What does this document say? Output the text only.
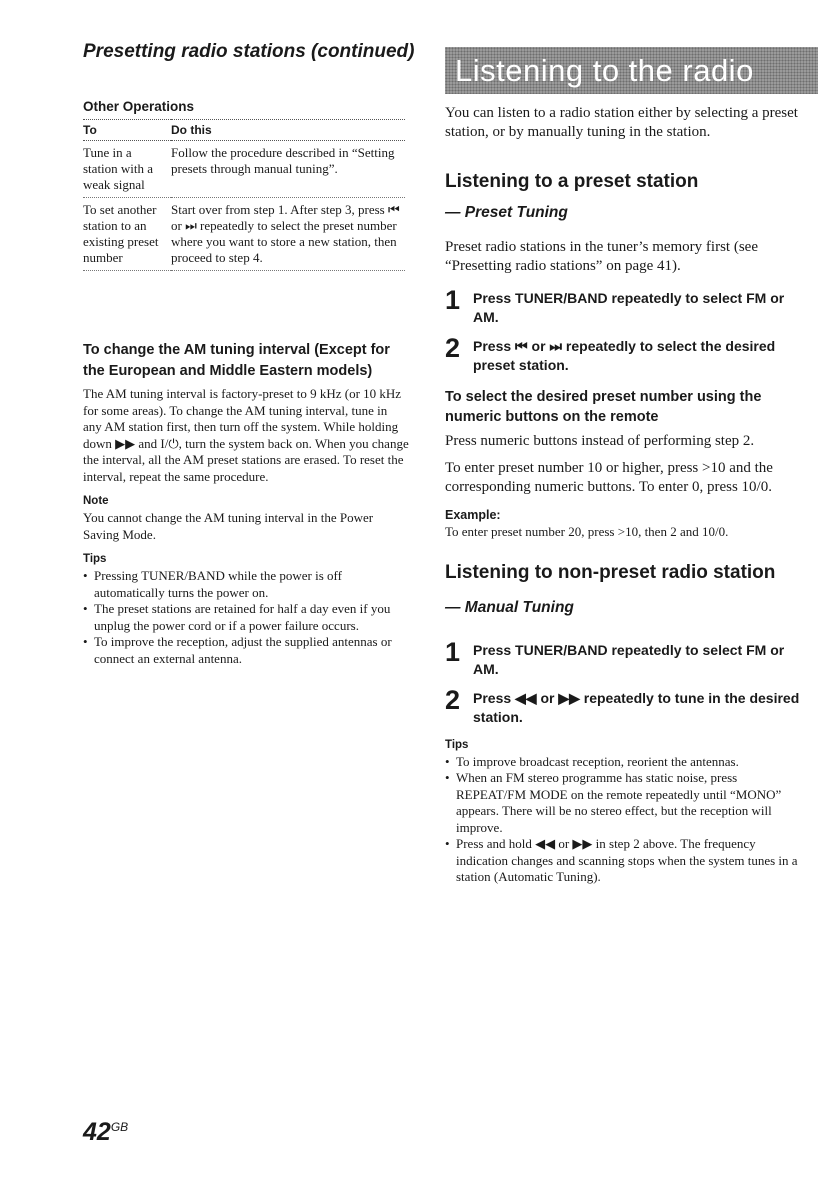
Presetting radio stations (continued)
Other Operations
To	Do this
Tune in a station with a weak signal	Follow the procedure described in “Setting presets through manual tuning”.
To set another station to an existing preset number	Start over from step 1. After step 3, press ⏮ or ⏭ repeatedly to select the preset number where you want to store a new station, then proceed to step 4.
To change the AM tuning interval (Except for the European and Middle Eastern models)

The AM tuning interval is factory-preset to 9 kHz (or 10 kHz for some areas). To change the AM tuning interval, tune in any AM station first, then turn off the system. While holding down ▶▶ and I/⏻, turn the system back on. When you change the interval, all the AM preset stations are erased. To reset the interval, repeat the same procedure.

Note

You cannot change the AM tuning interval in the Power Saving Mode.

Tips
• Pressing TUNER/BAND while the power is off automatically turns the power on.
• The preset stations are retained for half a day even if you unplug the power cord or if a power failure occurs.
• To improve the reception, adjust the supplied antennas or connect an external antenna.
$42^{GB}$
Listening to the radio

You can listen to a radio station either by selecting a preset station, or by manually tuning in the station.

Listening to a preset station
— Preset Tuning

Preset radio stations in the tuner’s memory first (see “Presetting radio stations” on page 41).

1 Press TUNER/BAND repeatedly to select FM or AM.
2 Press ⏮ or ⏭ repeatedly to select the desired preset station.
To select the desired preset number using the numeric buttons on the remote

Press numeric buttons instead of performing step 2.

To enter preset number 10 or higher, press >10 and the corresponding numeric buttons. To enter 0, press 10/0.

Example:

To enter preset number 20, press >10, then 2 and 10/0.

Listening to non-preset radio station
— Manual Tuning
1 Press TUNER/BAND repeatedly to select FM or AM.
2 Press ◀◀ or ▶▶ repeatedly to tune in the desired station.
Tips
• To improve broadcast reception, reorient the antennas.
• When an FM stereo programme has static noise, press REPEAT/FM MODE on the remote repeatedly until “MONO” appears. There will be no stereo effect, but the reception will improve.
• Press and hold ◀◀ or ▶▶ in step 2 above. The frequency indication changes and scanning stops when the system tunes in a station (Automatic Tuning).
